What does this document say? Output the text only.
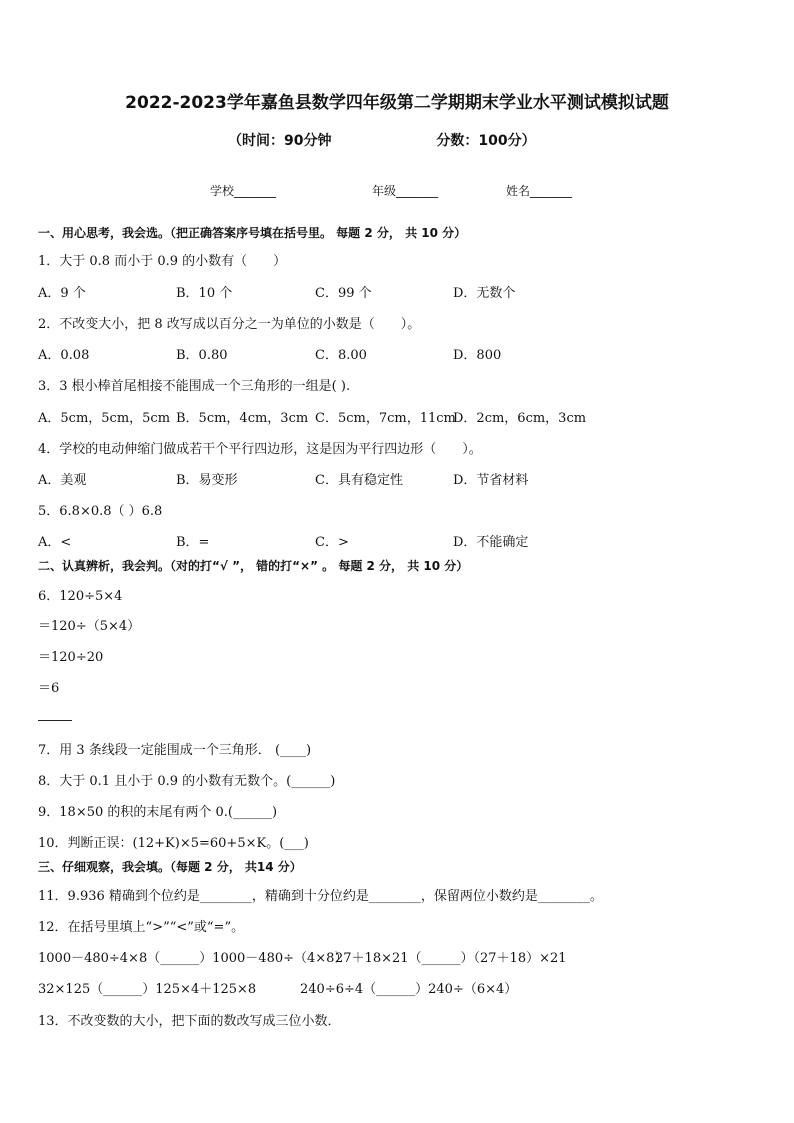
2022-2023学年嘉鱼县数学四年级第二学期期末学业水平测试模拟试题
（时间：90分钟	分数：100分）
学校_______	年级_______	姓名_______
一、用心思考，我会选。（把正确答案序号填在括号里。 每题 2 分， 共 10 分）
1．大于 0.8 而小于 0.9 的小数有（　　）
A．9 个	B．10 个	C．99 个	D．无数个
2．不改变大小，把 8 改写成以百分之一为单位的小数是（　　）。
A．0.08	B．0.80	C．8.00	D．800
3．3 根小棒首尾相接不能围成一个三角形的一组是( ).
A．5cm，5cm，5cm B．5cm，4cm，3cm C．5cm，7cm，11cm
D．2cm，6cm，3cm
4．学校的电动伸缩门做成若干个平行四边形，这是因为平行四边形（　　）。
A．美观	B．易变形	C．具有稳定性	D．节省材料
5．6.8×0.8（ ）6.8
A．<	B．=	C．>	D．不能确定
二、认真辨析，我会判。（对的打“√ ”， 错的打“×” 。 每题 2 分， 共 10 分）
6．120÷5×4
＝120÷（5×4）
＝120÷20
＝6
7．用 3 条线段一定能围成一个三角形． (____)
8．大于 0.1 且小于 0.9 的小数有无数个。(______)
9．18×50 的积的末尾有两个 0.(______)
10．判断正误：(12+K)×5=60+5×K。(___)
三、仔细观察，我会填。（每题 2 分， 共14 分）
11．9.936 精确到个位约是________，精确到十分位约是________，保留两位小数约是________。
12．在括号里填上“>”“<”或“=”。
1000－480÷4×8（______）1000－480÷（4×8）
27＋18×21（______）（27＋18）×21
32×125（______）125×4＋125×8	240÷6÷4（______）240÷（6×4）
13．不改变数的大小，把下面的数改写成三位小数．
